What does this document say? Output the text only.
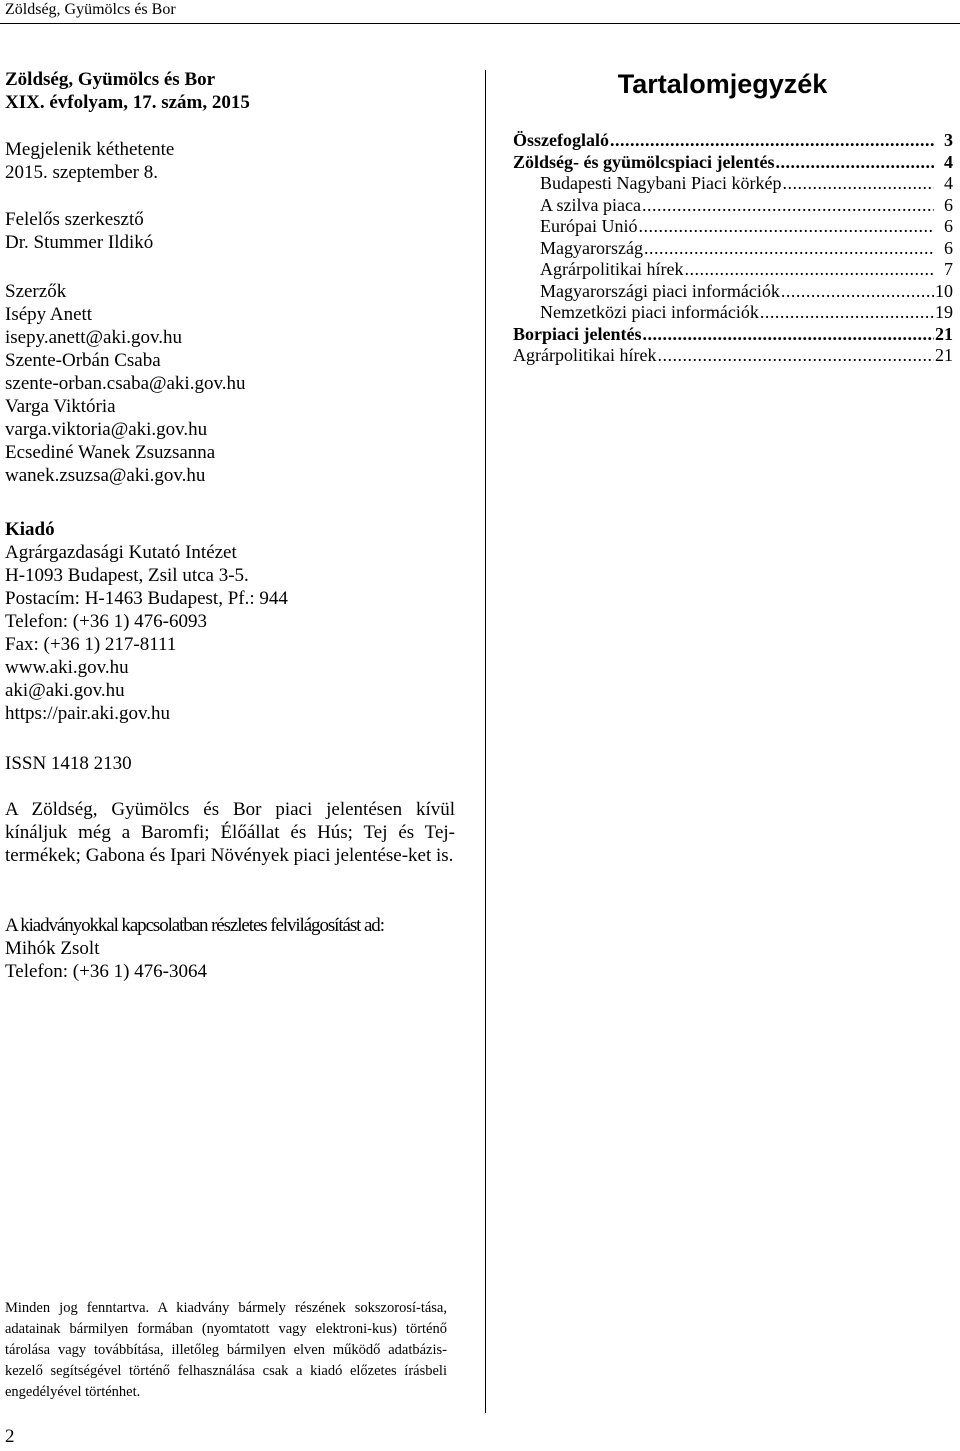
Zöldség, Gyümölcs és Bor
Zöldség, Gyümölcs és Bor
XIX. évfolyam, 17. szám, 2015
Megjelenik kéthetente
2015. szeptember 8.
Felelős szerkesztő
Dr. Stummer Ildikó
Szerzők
Isépy Anett
isepy.anett@aki.gov.hu
Szente-Orbán Csaba
szente-orban.csaba@aki.gov.hu
Varga Viktória
varga.viktoria@aki.gov.hu
Ecsediné Wanek Zsuzsanna
wanek.zsuzsa@aki.gov.hu
Kiadó
Agrárgazdasági Kutató Intézet
H-1093 Budapest, Zsil utca 3-5.
Postacím: H-1463 Budapest, Pf.: 944
Telefon: (+36 1) 476-6093
Fax: (+36 1) 217-8111
www.aki.gov.hu
aki@aki.gov.hu
https://pair.aki.gov.hu
ISSN 1418 2130
A Zöldség, Gyümölcs és Bor piaci jelentésen kívül kínáljuk még a Baromfi; Élőállat és Hús; Tej és Tej-termékek; Gabona és Ipari Növények piaci jelentése-ket is.
A kiadványokkal kapcsolatban részletes felvilágosítást ad:
Mihók Zsolt
Telefon: (+36 1) 476-3064
Minden jog fenntartva. A kiadvány bármely részének sokszorosí-tása, adatainak bármilyen formában (nyomtatott vagy elektroni-kus) történő tárolása vagy továbbítása, illetőleg bármilyen elven működő adatbázis-kezelő segítségével történő felhasználása csak a kiadó előzetes írásbeli engedélyével történhet.
2
Tartalomjegyzék
Összefoglaló .....	3
Zöldség- és gyümölcspiaci jelentés .....	4
Budapesti Nagybani Piaci körkép .....	4
A szilva piaca .....	6
Európai Unió .....	6
Magyarország .....	6
Agrárpolitikai hírek .....	7
Magyarországi piaci információk .....	10
Nemzetközi piaci információk .....	19
Borpiaci jelentés .....	21
Agrárpolitikai hírek .....	21
